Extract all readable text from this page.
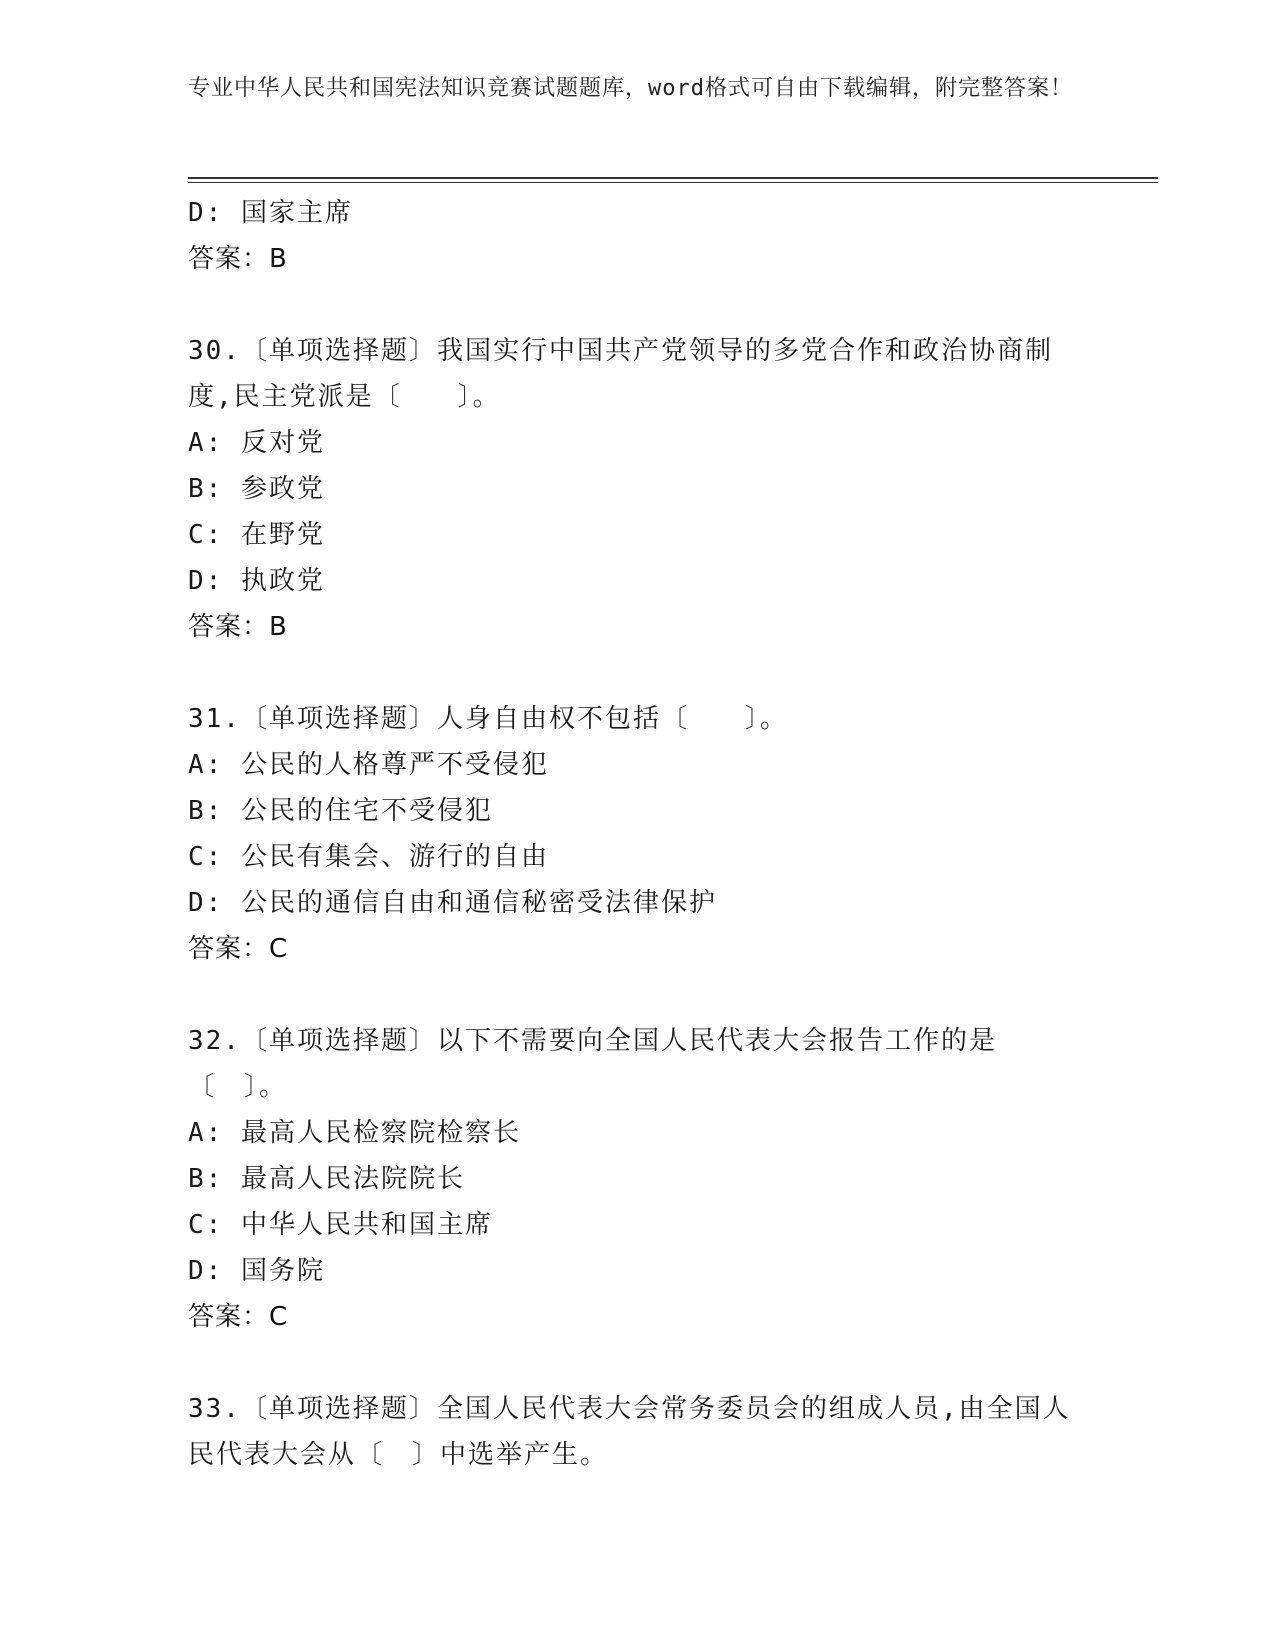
专业中华人民共和国宪法知识竞赛试题题库，word格式可自由下载编辑，附完整答案！

D: 国家主席

答案：B

30.〔单项选择题〕我国实行中国共产党领导的多党合作和政治协商制度,民主党派是〔　　〕。

A: 反对党

B: 参政党

C: 在野党

D: 执政党

答案：B

31.〔单项选择题〕人身自由权不包括〔　　〕。

A: 公民的人格尊严不受侵犯

B: 公民的住宅不受侵犯

C: 公民有集会、游行的自由

D: 公民的通信自由和通信秘密受法律保护

答案：C

32.〔单项选择题〕以下不需要向全国人民代表大会报告工作的是〔　〕。

A: 最高人民检察院检察长

B: 最高人民法院院长

C: 中华人民共和国主席

D: 国务院

答案：C

33.〔单项选择题〕全国人民代表大会常务委员会的组成人员,由全国人民代表大会从〔　〕中选举产生。
